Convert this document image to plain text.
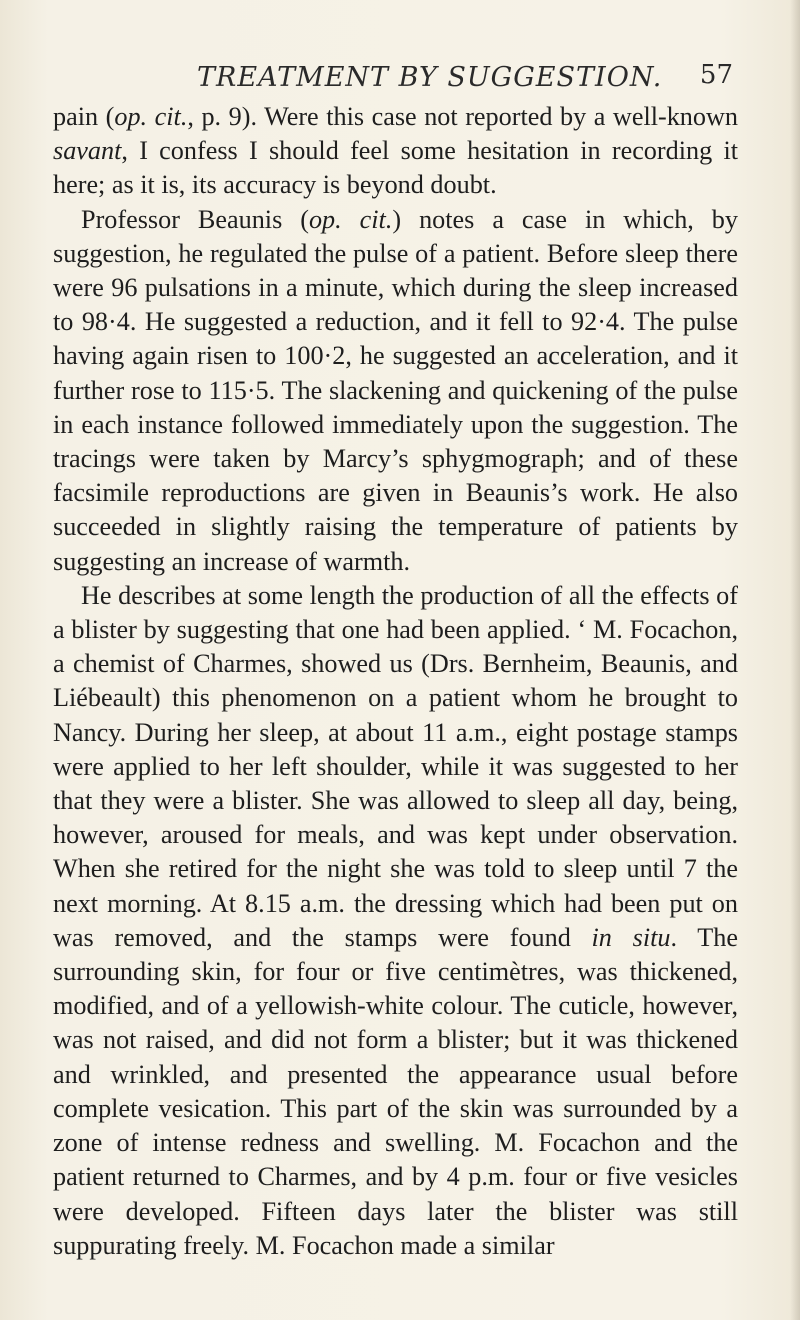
TREATMENT BY SUGGESTION.	57

pain (op. cit., p. 9). Were this case not reported by a well-known savant, I confess I should feel some hesitation in recording it here; as it is, its accuracy is beyond doubt.

Professor Beaunis (op. cit.) notes a case in which, by suggestion, he regulated the pulse of a patient. Before sleep there were 96 pulsations in a minute, which during the sleep increased to 98·4. He suggested a reduction, and it fell to 92·4. The pulse having again risen to 100·2, he suggested an acceleration, and it further rose to 115·5. The slackening and quickening of the pulse in each instance followed immediately upon the suggestion. The tracings were taken by Marcy’s sphygmograph; and of these facsimile reproductions are given in Beaunis’s work. He also succeeded in slightly raising the temperature of patients by suggesting an increase of warmth.

He describes at some length the production of all the effects of a blister by suggesting that one had been applied. ‘ M. Focachon, a chemist of Charmes, showed us (Drs. Bernheim, Beaunis, and Liébeault) this phenomenon on a patient whom he brought to Nancy. During her sleep, at about 11 a.m., eight postage stamps were applied to her left shoulder, while it was suggested to her that they were a blister. She was allowed to sleep all day, being, however, aroused for meals, and was kept under observation. When she retired for the night she was told to sleep until 7 the next morning. At 8.15 a.m. the dressing which had been put on was removed, and the stamps were found in situ. The surrounding skin, for four or five centimètres, was thickened, modified, and of a yellowish-white colour. The cuticle, however, was not raised, and did not form a blister; but it was thickened and wrinkled, and presented the appearance usual before complete vesication. This part of the skin was surrounded by a zone of intense redness and swelling. M. Focachon and the patient returned to Charmes, and by 4 p.m. four or five vesicles were developed. Fifteen days later the blister was still suppurating freely. M. Focachon made a similar
